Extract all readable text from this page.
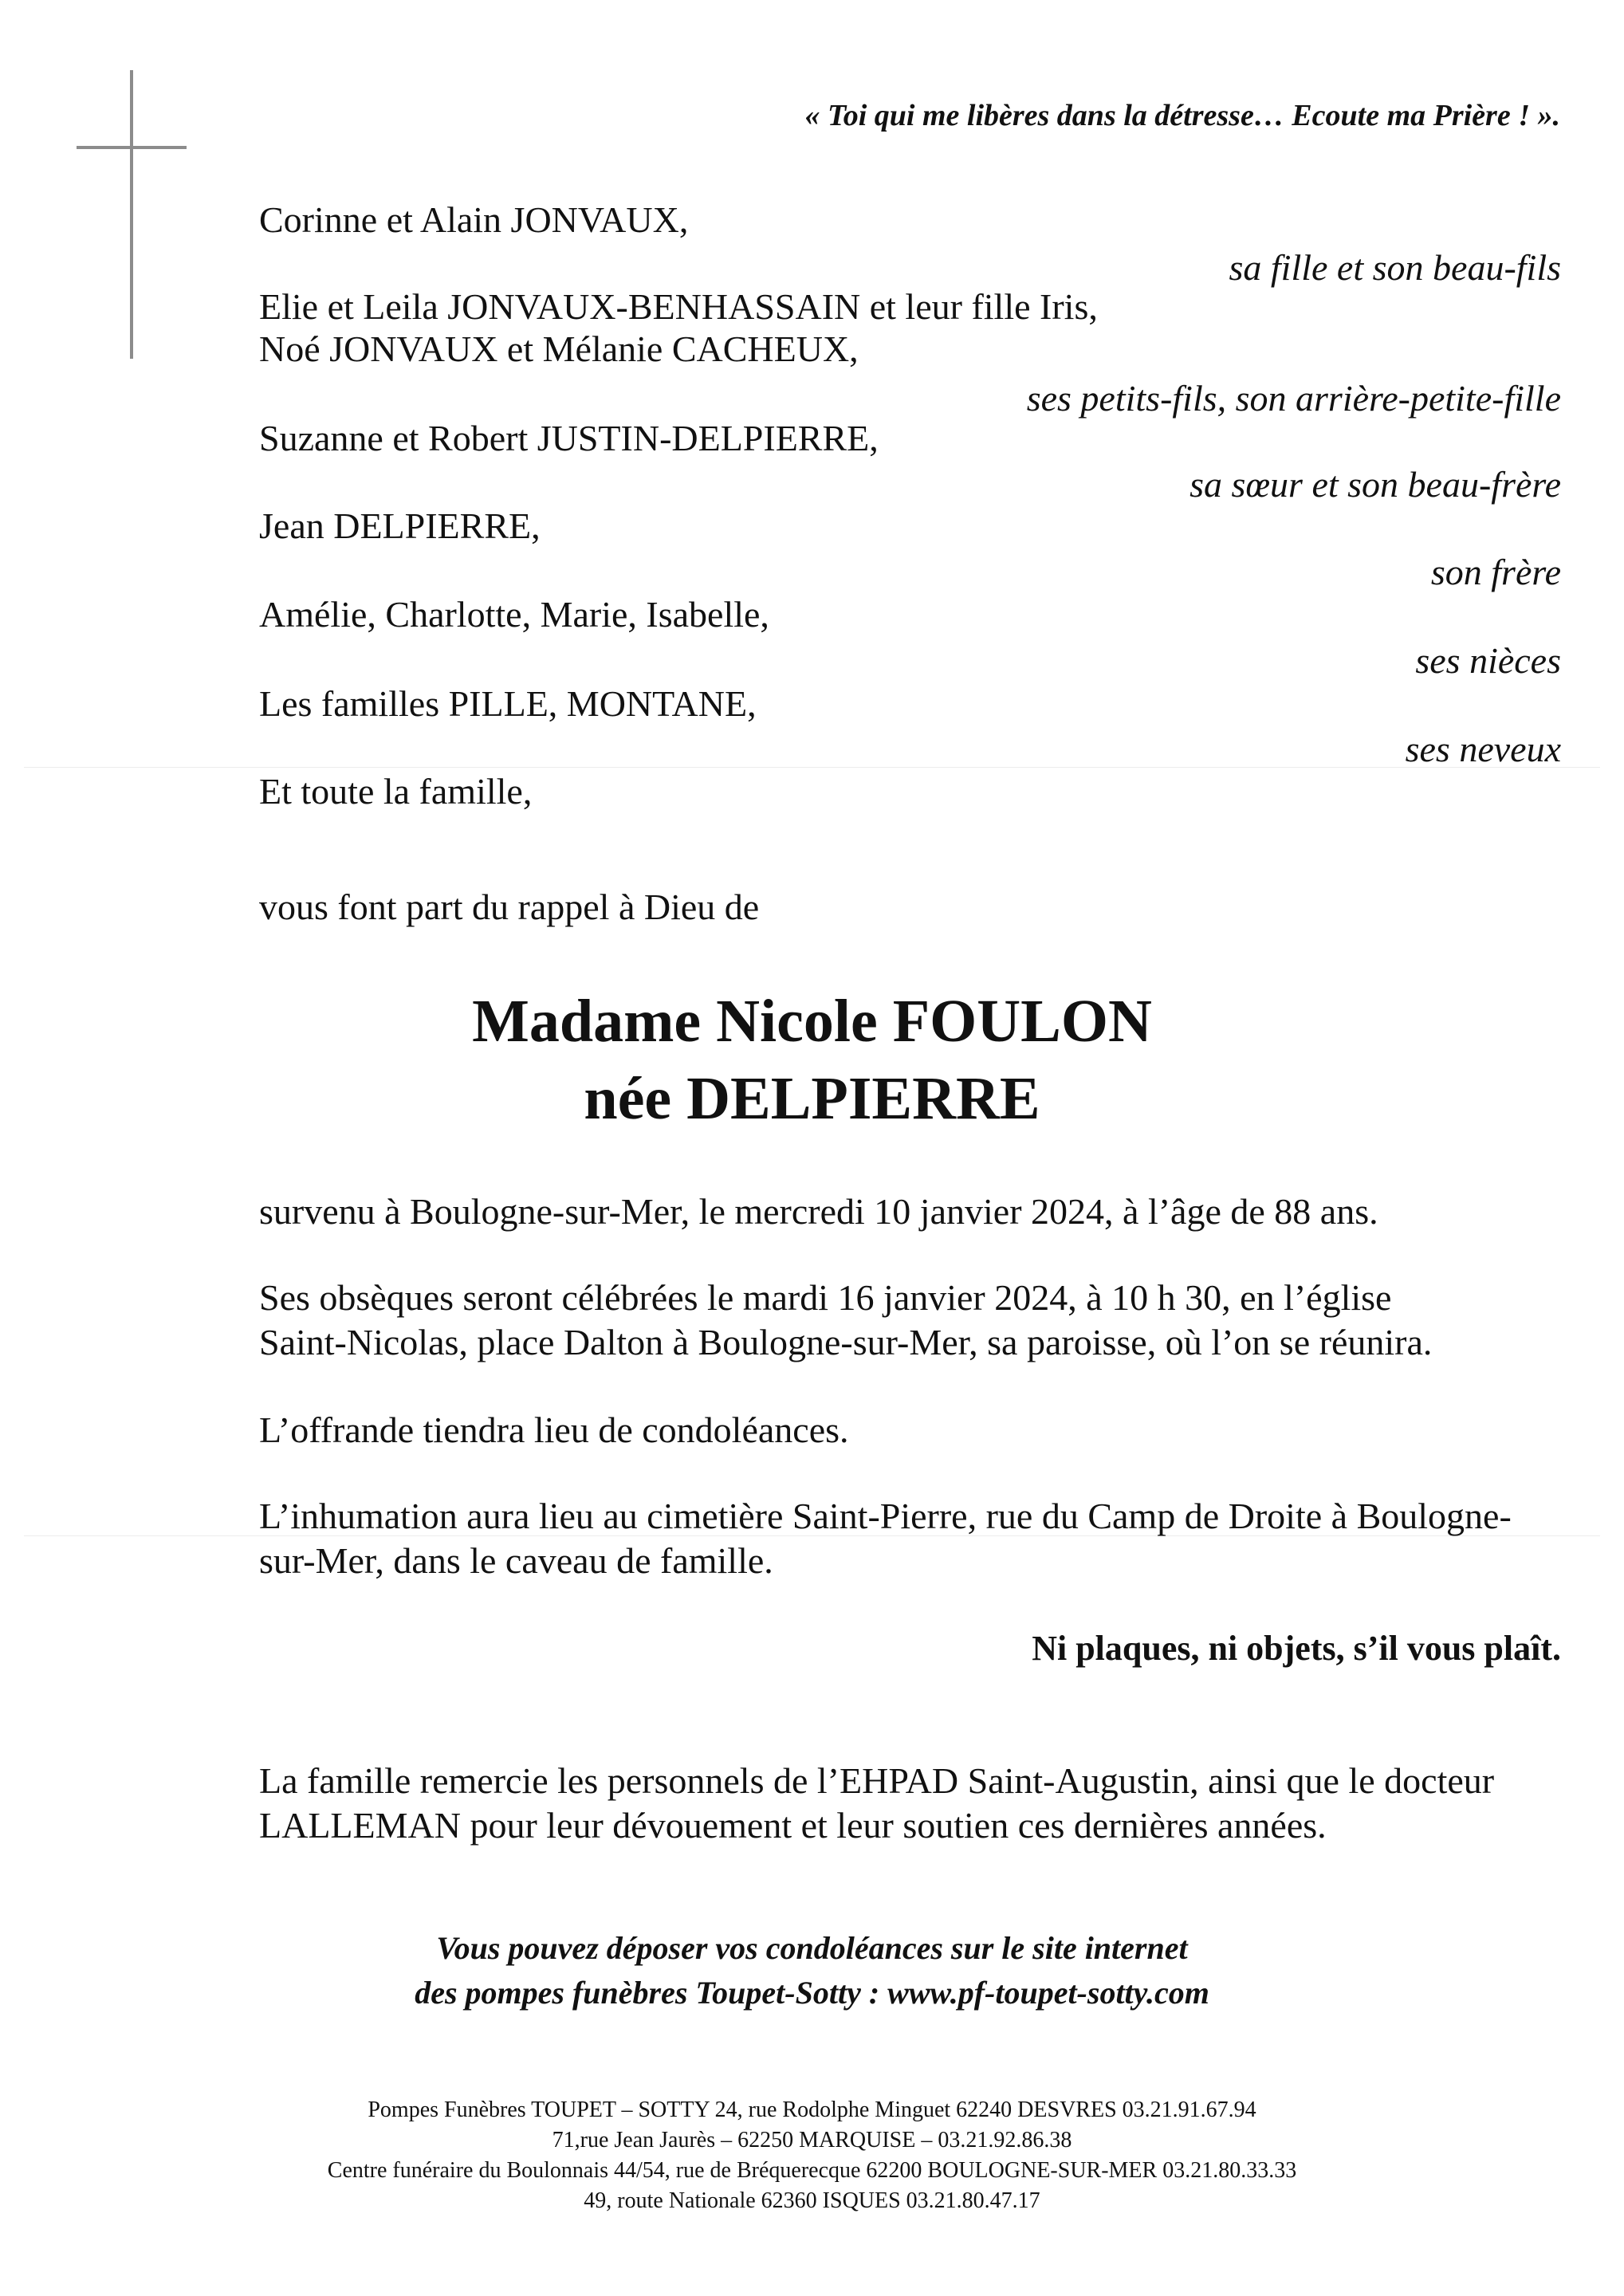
« Toi qui me libères dans la détresse… Ecoute ma Prière ! ».
Corinne et Alain JONVAUX,
sa fille et son beau-fils
Elie et Leila JONVAUX-BENHASSAIN et leur fille Iris,
Noé JONVAUX et Mélanie CACHEUX,
ses petits-fils, son arrière-petite-fille
Suzanne et Robert JUSTIN-DELPIERRE,
sa sœur et son beau-frère
Jean DELPIERRE,
son frère
Amélie, Charlotte, Marie, Isabelle,
ses nièces
Les familles PILLE, MONTANE,
ses neveux
Et toute la famille,
vous font part du rappel à Dieu de
Madame Nicole FOULON
née DELPIERRE
survenu à Boulogne-sur-Mer, le mercredi 10 janvier 2024, à l’âge de 88 ans.
Ses obsèques seront célébrées le mardi 16 janvier 2024, à 10 h 30, en l’église
Saint-Nicolas, place Dalton à Boulogne-sur-Mer, sa paroisse, où l’on se réunira.
L’offrande tiendra lieu de condoléances.
L’inhumation aura lieu au cimetière Saint-Pierre, rue du Camp de Droite à Boulogne-
sur-Mer, dans le caveau de famille.
Ni plaques, ni objets, s’il vous plaît.
La famille remercie les personnels de l’EHPAD Saint-Augustin, ainsi que le docteur
LALLEMAN pour leur dévouement et leur soutien ces dernières années.
Vous pouvez déposer vos condoléances sur le site internet
des pompes funèbres Toupet-Sotty : www.pf-toupet-sotty.com
Pompes Funèbres TOUPET – SOTTY 24, rue Rodolphe Minguet 62240 DESVRES 03.21.91.67.94
71,rue Jean Jaurès – 62250 MARQUISE – 03.21.92.86.38
Centre funéraire du Boulonnais 44/54, rue de Bréquerecque 62200 BOULOGNE-SUR-MER 03.21.80.33.33
49, route Nationale 62360 ISQUES 03.21.80.47.17
